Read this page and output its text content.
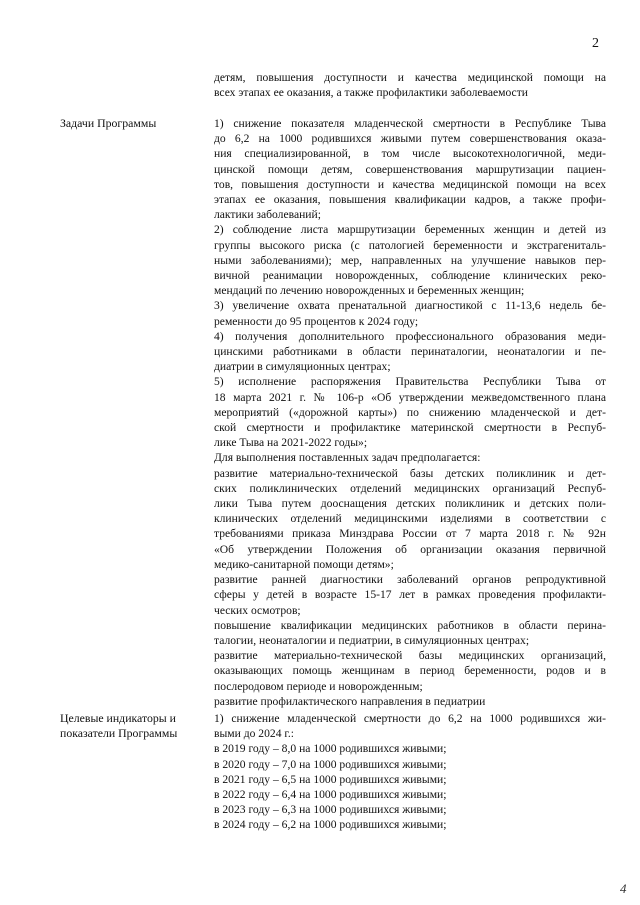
2
детям, повышения доступности и качества медицинской помощи на
всех этапах ее оказания, а также профилактики заболеваемости
Задачи Программы	1) снижение показателя младенческой смертности в Республике Тыва
до 6,2 на 1000 родившихся живыми путем совершенствования оказа-
ния специализированной, в том числе высокотехнологичной, меди-
цинской помощи детям, совершенствования маршрутизации пациен-
тов, повышения доступности и качества медицинской помощи на всех
этапах ее оказания, повышения квалификации кадров, а также профи-
лактики заболеваний;
2) соблюдение листа маршрутизации беременных женщин и детей из
группы высокого риска (с патологией беременности и экстрагениталь-
ными заболеваниями); мер, направленных на улучшение навыков пер-
вичной реанимации новорожденных, соблюдение клинических реко-
мендаций по лечению новорожденных и беременных женщин;
3) увеличение охвата пренатальной диагностикой с 11-13,6 недель бе-
ременности до 95 процентов к 2024 году;
4) получения дополнительного профессионального образования меди-
цинскими работниками в области перинаталогии, неонаталогии и пе-
диатрии в симуляционных центрах;
5) исполнение распоряжения Правительства Республики Тыва от
18 марта 2021 г. № 106-р «Об утверждении межведомственного плана
мероприятий («дорожной карты») по снижению младенческой и дет-
ской смертности и профилактике материнской смертности в Респуб-
лике Тыва на 2021-2022 годы»;
Для выполнения поставленных задач предполагается:
развитие материально-технической базы детских поликлиник и дет-
ских поликлинических отделений медицинских организаций Респуб-
лики Тыва путем дооснащения детских поликлиник и детских поли-
клинических отделений медицинскими изделиями в соответствии с
требованиями приказа Минздрава России от 7 марта 2018 г. № 92н
«Об утверждении Положения об организации оказания первичной
медико-санитарной помощи детям»;
развитие ранней диагностики заболеваний органов репродуктивной
сферы у детей в возрасте 15-17 лет в рамках проведения профилакти-
ческих осмотров;
повышение квалификации медицинских работников в области перина-
талогии, неонаталогии и педиатрии, в симуляционных центрах;
развитие материально-технической базы медицинских организаций,
оказывающих помощь женщинам в период беременности, родов и в
послеродовом периоде и новорожденным;
развитие профилактического направления в педиатрии
Целевые индикаторы и
показатели Программы
1) снижение младенческой смертности до 6,2 на 1000 родившихся жи-
выми до 2024 г.:
в 2019 году – 8,0 на 1000 родившихся живыми;
в 2020 году – 7,0 на 1000 родившихся живыми;
в 2021 году – 6,5 на 1000 родившихся живыми;
в 2022 году – 6,4 на 1000 родившихся живыми;
в 2023 году – 6,3 на 1000 родившихся живыми;
в 2024 году – 6,2 на 1000 родившихся живыми;
4
